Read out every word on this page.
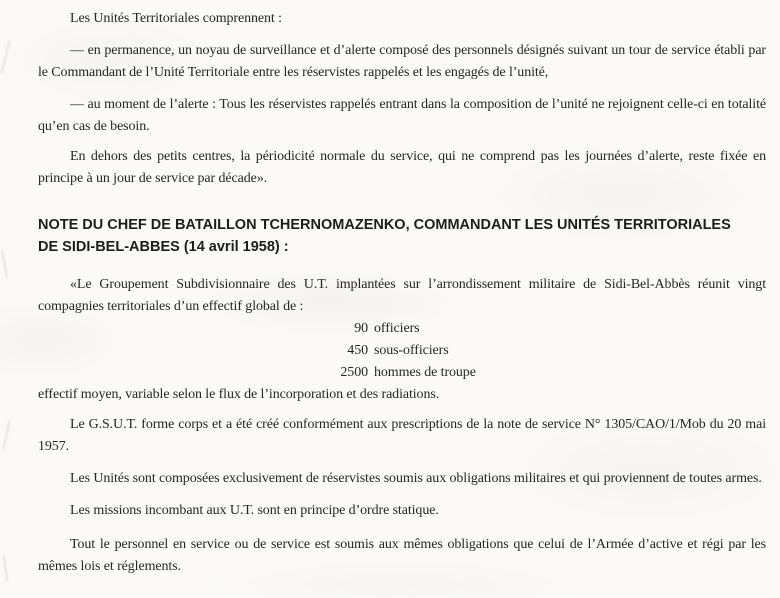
Les Unités Territoriales comprennent :

— en permanence, un noyau de surveillance et d’alerte composé des personnels désignés suivant un tour de service établi par le Commandant de l’Unité Territoriale entre les réservistes rappelés et les engagés de l’unité,

— au moment de l’alerte : Tous les réservistes rappelés entrant dans la composition de l’unité ne rejoignent celle-ci en totalité qu’en cas de besoin.

En dehors des petits centres, la périodicité normale du service, qui ne comprend pas les journées d’alerte, reste fixée en principe à un jour de service par décade».

NOTE DU CHEF DE BATAILLON TCHERNOMAZENKO, COMMANDANT LES UNITÉS TERRITORIALES
DE SIDI-BEL-ABBES (14 avril 1958) :

«Le Groupement Subdivisionnaire des U.T. implantées sur l’arrondissement militaire de Sidi-Bel-Abbès réunit vingt compagnies territoriales d’un effectif global de :

90 officiers
450 sous-officiers
2500 hommes de troupe

effectif moyen, variable selon le flux de l’incorporation et des radiations.

Le G.S.U.T. forme corps et a été créé conformément aux prescriptions de la note de service N° 1305/​CAO/1/Mob du 20 mai 1957.

Les Unités sont composées exclusivement de réservistes soumis aux obligations militaires et qui proviennent de toutes armes.

Les missions incombant aux U.T. sont en principe d’ordre statique.

Tout le personnel en service ou de service est soumis aux mêmes obligations que celui de l’Armée d’active et régi par les mêmes lois et réglements.
